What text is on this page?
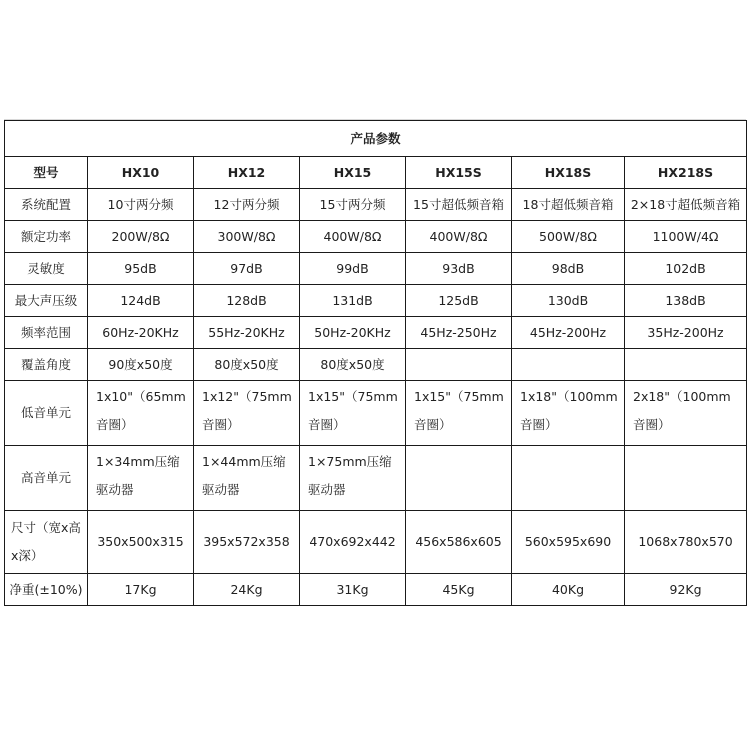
产品参数						
型号	HX10	HX12	HX15	HX15S	HX18S	HX218S
系统配置	10寸两分频	12寸两分频	15寸两分频	15寸超低频音箱	18寸超低频音箱	2×18寸超低频音箱
额定功率	200W/8Ω	300W/8Ω	400W/8Ω	400W/8Ω	500W/8Ω	1100W/4Ω
灵敏度	95dB	97dB	99dB	93dB	98dB	102dB
最大声压级	124dB	128dB	131dB	125dB	130dB	138dB
频率范围	60Hz-20KHz	55Hz-20KHz	50Hz-20KHz	45Hz-250Hz	45Hz-200Hz	35Hz-200Hz
覆盖角度	90度x50度	80度x50度	80度x50度			
低音单元	1x10"（65mm音圈）	1x12"（75mm音圈）	1x15"（75mm音圈）	1x15"（75mm音圈）	1x18"（100mm音圈）	2x18"（100mm音圈）
高音单元	1×34mm压缩驱动器	1×44mm压缩驱动器	1×75mm压缩驱动器			
尺寸（宽x高x深）	350x500x315	395x572x358	470x692x442	456x586x605	560x595x690	1068x780x570
净重(±10%)	17Kg	24Kg	31Kg	45Kg	40Kg	92Kg
